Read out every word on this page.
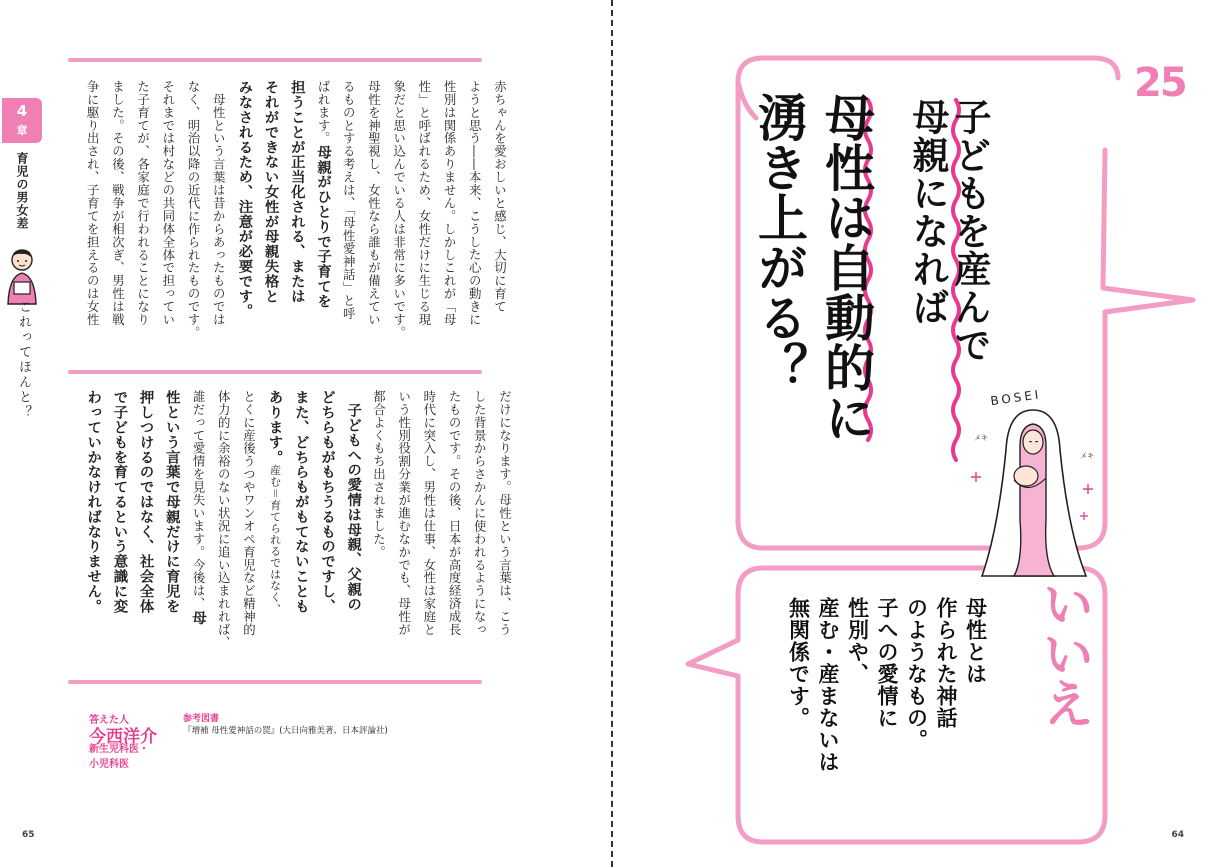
4
章
育児の男女差
これってほんと？
赤ちゃんを愛おしいと感じ、大切に育て
ようと思う――本来、こうした心の動きに
性別は関係ありません。しかしこれが「母
性」と呼ばれるため、女性だけに生じる現
象だと思い込んでいる人は非常に多いです。
母性を神聖視し、女性なら誰もが備えてい
るものとする考えは、「母性愛神話」と呼
ばれます。母親がひとりで子育てを
担うことが正当化される、または
それができない女性が母親失格と
みなされるため、注意が必要です。
　母性という言葉は昔からあったものでは
なく、明治以降の近代に作られたものです。
それまでは村などの共同体全体で担ってい
た子育てが、各家庭で行われることになり
ました。その後、戦争が相次ぎ、男性は戦
争に駆り出され、子育てを担えるのは女性
だけになります。母性という言葉は、こう
した背景からさかんに使われるようになっ
たものです。その後、日本が高度経済成長
時代に突入し、男性は仕事、女性は家庭と
いう性別役割分業が進むなかでも、母性が
都合よくもち出されました。
　子どもへの愛情は母親、父親の
どちらもがもちうるものですし、
また、どちらもがもてないことも
あります。産む＝育てられるではなく、
とくに産後うつやワンオペ育児など精神的
体力的に余裕のない状況に追い込まれれば、
誰だって愛情を見失います。今後は、母
性という言葉で母親だけに育児を
押しつけるのではなく、社会全体
で子どもを育てるという意識に変
わっていかなければなりません。
答えた人
今西洋介
新生児科医・
小児科医
参考図書
『増補 母性愛神話の罠』(大日向雅美著、日本評論社)
65
25
子どもを産んで
母親になれば
母性は自動的に
湧き上がる？
BOSEI
メキ
メキ
いいえ
母性とは
作られた神話
のようなもの。
子への愛情に
性別や、
産む・産まないは
無関係です。
64
